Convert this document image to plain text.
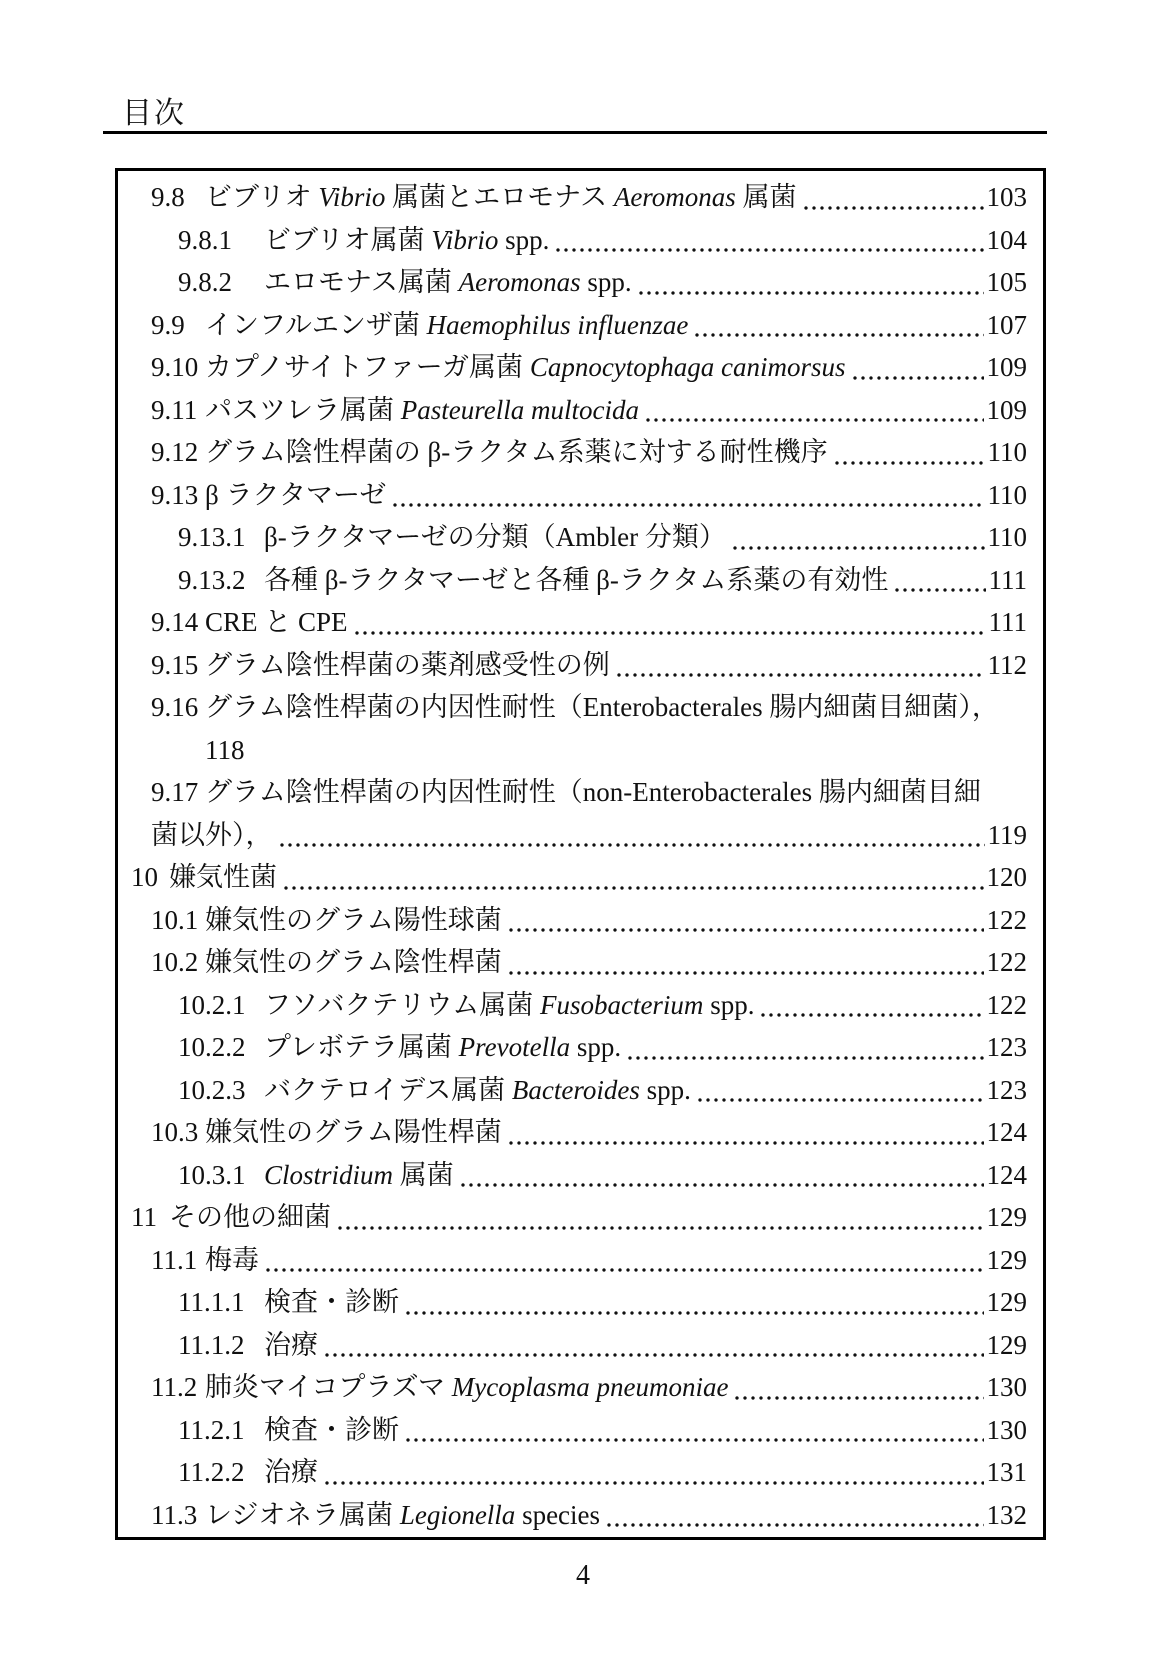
目次
9.8 ビブリオ Vibrio 属菌とエロモナス Aeromonas 属菌	103
9.8.1	ビブリオ属菌 Vibrio spp.	104
9.8.2	エロモナス属菌 Aeromonas spp.	105
9.9 インフルエンザ菌 Haemophilus influenzae	107
9.10 カプノサイトファーガ属菌 Capnocytophaga canimorsus	109
9.11 パスツレラ属菌 Pasteurella multocida	109
9.12 グラム陰性桿菌の β-ラクタム系薬に対する耐性機序	110
9.13 β ラクタマーゼ	110
9.13.1 β-ラクタマーゼの分類（Ambler 分類）	110
9.13.2 各種 β-ラクタマーゼと各種 β-ラクタム系薬の有効性	111
9.14 CRE と CPE	111
9.15 グラム陰性桿菌の薬剤感受性の例	112
9.16 グラム陰性桿菌の内因性耐性（Enterobacterales 腸内細菌目細菌），
118
9.17 グラム陰性桿菌の内因性耐性（non-Enterobacterales 腸内細菌目細
菌以外），	119
10 嫌気性菌	120
10.1 嫌気性のグラム陽性球菌	122
10.2 嫌気性のグラム陰性桿菌	122
10.2.1 フソバクテリウム属菌 Fusobacterium spp.	122
10.2.2 プレボテラ属菌 Prevotella spp.	123
10.2.3 バクテロイデス属菌 Bacteroides spp.	123
10.3 嫌気性のグラム陽性桿菌	124
10.3.1 Clostridium 属菌	124
11 その他の細菌	129
11.1 梅毒	129
11.1.1 検査・診断	129
11.1.2 治療	129
11.2 肺炎マイコプラズマ Mycoplasma pneumoniae	130
11.2.1 検査・診断	130
11.2.2 治療	131
11.3 レジオネラ属菌 Legionella species	132
4
